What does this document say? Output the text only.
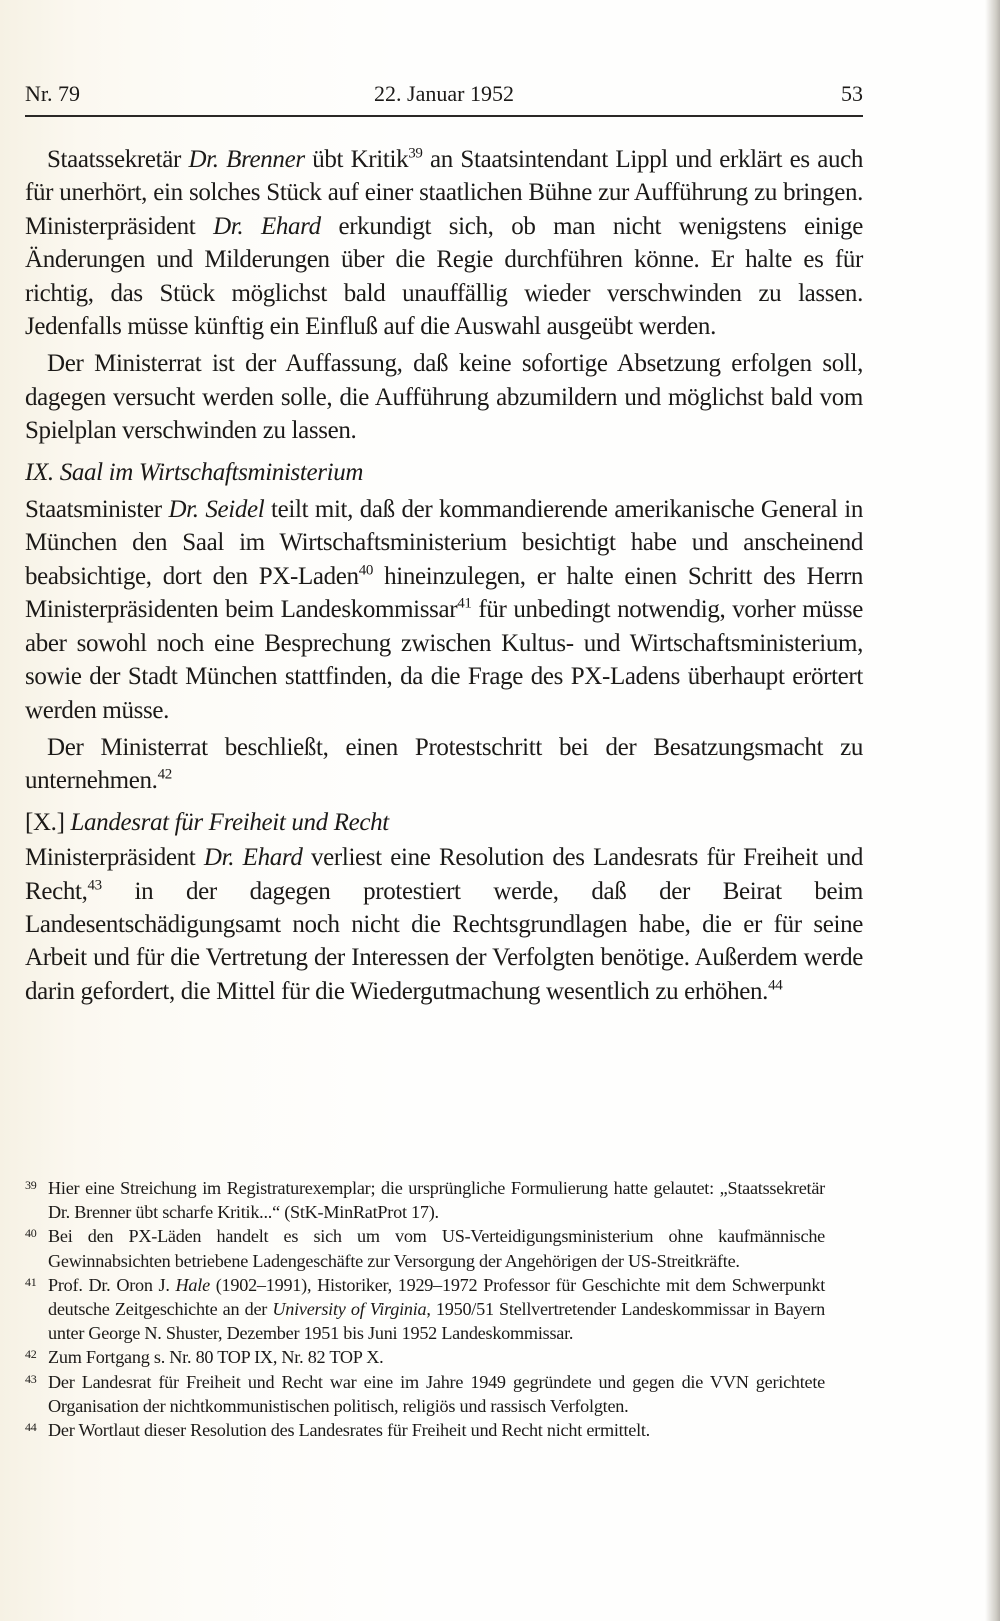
Nr. 79	22. Januar 1952	53

Staatssekretär Dr. Brenner übt Kritik$^{39}$ an Staatsintendant Lippl und erklärt es auch für unerhört, ein solches Stück auf einer staatlichen Bühne zur Aufführung zu bringen. Ministerpräsident Dr. Ehard erkundigt sich, ob man nicht wenigstens einige Änderungen und Milderungen über die Regie durchführen könne. Er halte es für richtig, das Stück möglichst bald unauffällig wieder verschwinden zu lassen. Jedenfalls müsse künftig ein Einfluß auf die Auswahl ausgeübt werden.

Der Ministerrat ist der Auffassung, daß keine sofortige Absetzung erfolgen soll, dagegen versucht werden solle, die Aufführung abzumildern und möglichst bald vom Spielplan verschwinden zu lassen.

IX. Saal im Wirtschaftsministerium

Staatsminister Dr. Seidel teilt mit, daß der kommandierende amerikanische General in München den Saal im Wirtschaftsministerium besichtigt habe und anscheinend beabsichtige, dort den PX-Laden$^{40}$ hineinzulegen, er halte einen Schritt des Herrn Ministerpräsidenten beim Landeskommissar$^{41}$ für unbedingt notwendig, vorher müsse aber sowohl noch eine Besprechung zwischen Kultus- und Wirtschaftsministerium, sowie der Stadt München stattfinden, da die Frage des PX-Ladens überhaupt erörtert werden müsse.

Der Ministerrat beschließt, einen Protestschritt bei der Besatzungsmacht zu unternehmen.$^{42}$

[X.] Landesrat für Freiheit und Recht

Ministerpräsident Dr. Ehard verliest eine Resolution des Landesrats für Freiheit und Recht,$^{43}$ in der dagegen protestiert werde, daß der Beirat beim Landesentschädigungsamt noch nicht die Rechtsgrundlagen habe, die er für seine Arbeit und für die Vertretung der Interessen der Verfolgten benötige. Außerdem werde darin gefordert, die Mittel für die Wiedergutmachung wesentlich zu erhöhen.$^{44}$

39 Hier eine Streichung im Registraturexemplar; die ursprüngliche Formulierung hatte gelautet: „Staatssekretär Dr. Brenner übt scharfe Kritik...“ (StK-MinRatProt 17).
40 Bei den PX-Läden handelt es sich um vom US-Verteidigungsministerium ohne kaufmännische Gewinnabsichten betriebene Ladengeschäfte zur Versorgung der Angehörigen der US-Streitkräfte.
41 Prof. Dr. Oron J. Hale (1902–1991), Historiker, 1929–1972 Professor für Geschichte mit dem Schwerpunkt deutsche Zeitgeschichte an der University of Virginia, 1950/51 Stellvertretender Landeskommissar in Bayern unter George N. Shuster, Dezember 1951 bis Juni 1952 Landeskommissar.
42 Zum Fortgang s. Nr. 80 TOP IX, Nr. 82 TOP X.
43 Der Landesrat für Freiheit und Recht war eine im Jahre 1949 gegründete und gegen die VVN gerichtete Organisation der nichtkommunistischen politisch, religiös und rassisch Verfolgten.
44 Der Wortlaut dieser Resolution des Landesrates für Freiheit und Recht nicht ermittelt.
